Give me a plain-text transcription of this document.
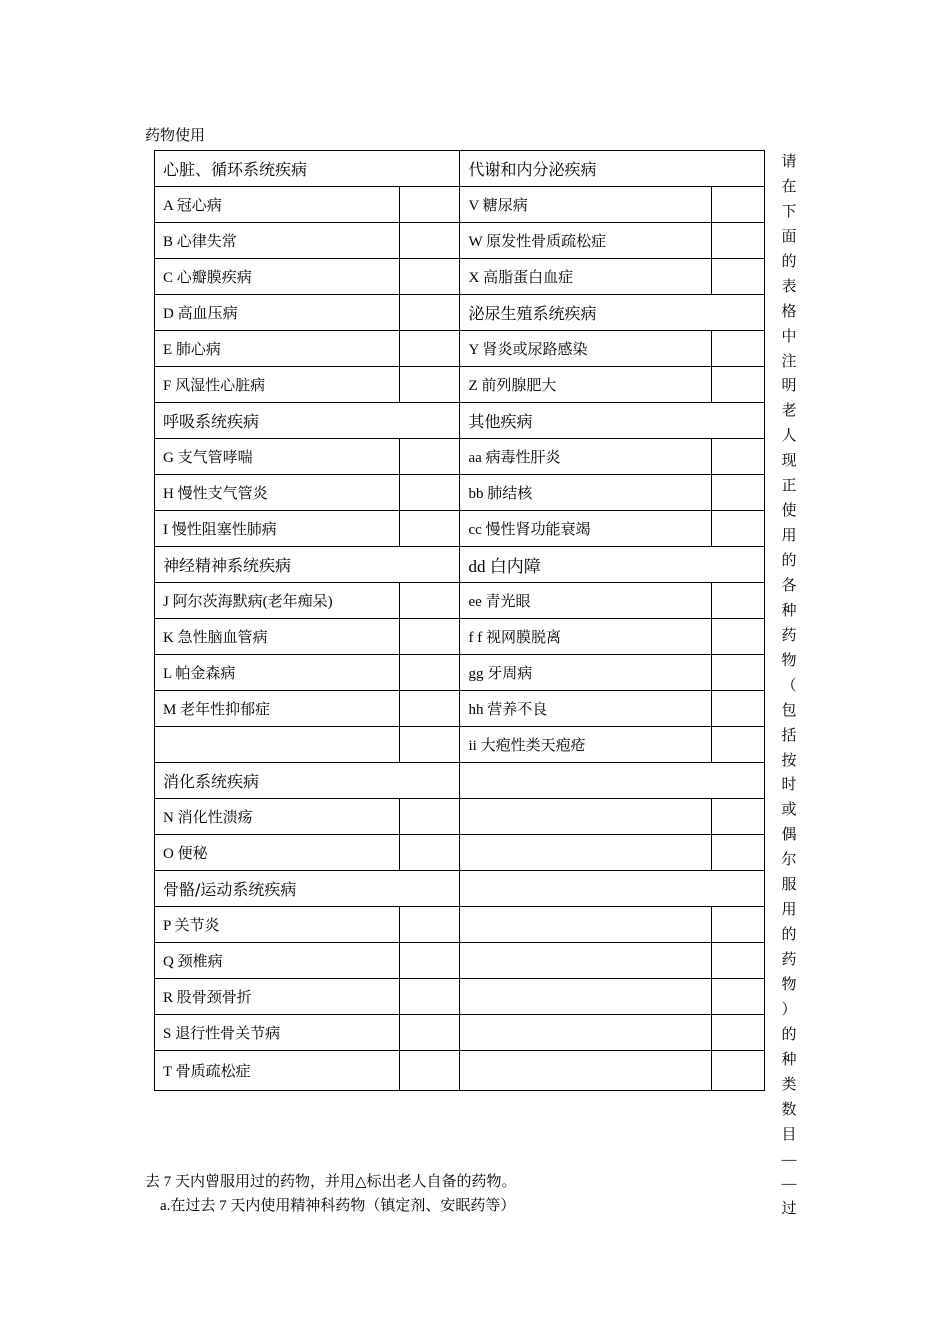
药物使用
心脏、循环系统疾病		代谢和内分泌疾病	
A 冠心病		V 糖尿病	
B 心律失常		W 原发性骨质疏松症	
C 心瓣膜疾病		X 高脂蛋白血症	
D 高血压病		泌尿生殖系统疾病	
E 肺心病		Y 肾炎或尿路感染	
F 风湿性心脏病		Z 前列腺肥大	
呼吸系统疾病		其他疾病	
G 支气管哮喘		aa 病毒性肝炎	
H 慢性支气管炎		bb 肺结核	
I 慢性阻塞性肺病		cc 慢性肾功能衰竭	
神经精神系统疾病		dd 白内障	
J 阿尔茨海默病(老年痴呆)		ee 青光眼	
K 急性脑血管病		f f 视网膜脱离	
L 帕金森病		gg 牙周病	
M 老年性抑郁症		hh 营养不良	
		ii 大疱性类天疱疮	
消化系统疾病			
N 消化性溃疡			
O 便秘			
骨骼/运动系统疾病			
P 关节炎			
Q 颈椎病			
R 股骨颈骨折			
S 退行性骨关节病			
T 骨质疏松症			
请
在
下
面
的
表
格
中
注
明
老
人
现
正
使
用
的
各
种
药
物
（
包
括
按
时
或
偶
尔
服
用
的
药
物
）
的
种
类
数
目
—
—
过
去 7 天内曾服用过的药物，并用△标出老人自备的药物。
a.在过去 7 天内使用精神科药物（镇定剂、安眠药等）
